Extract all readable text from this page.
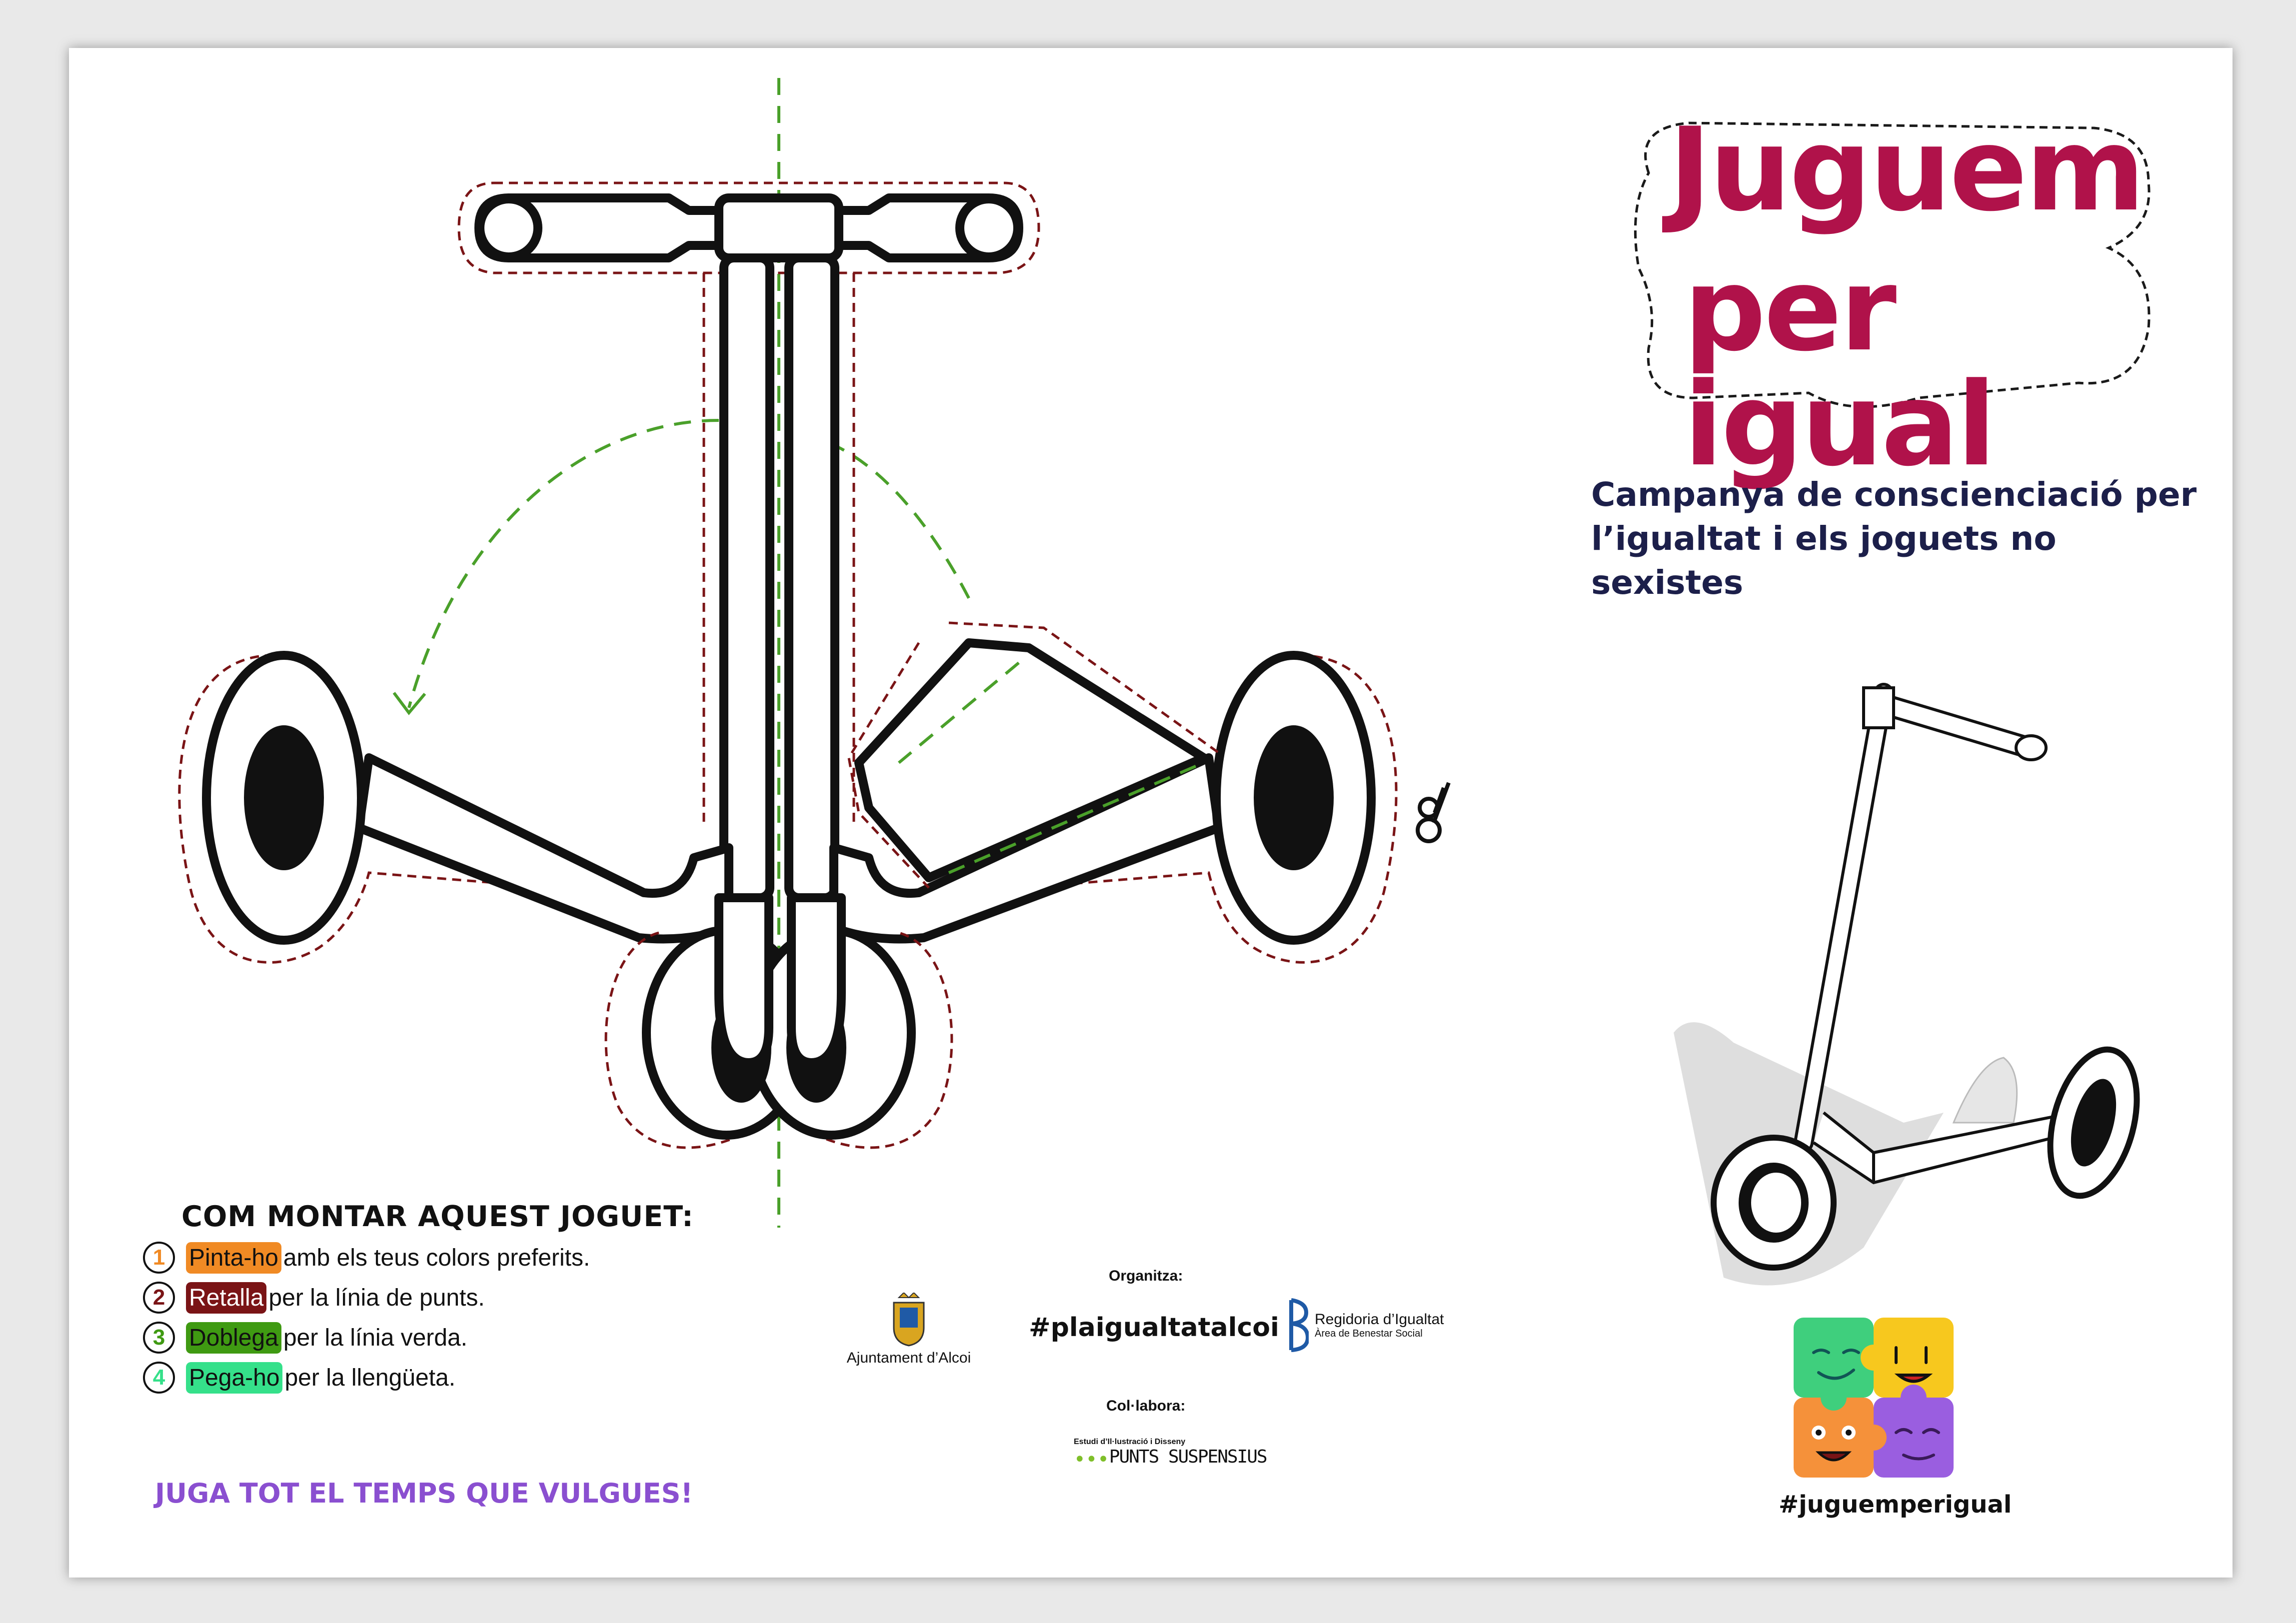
Juguem
per igual
Campanya de conscienciació per
l’igualtat i els joguets no sexistes
#juguemperigual
COM MONTAR AQUEST JOGUET:
1 Pinta-ho amb els teus colors preferits.
2 Retalla per la línia de punts.
3 Doblega per la línia verda.
4 Pega-ho per la llengüeta.
JUGA TOT EL TEMPS QUE VULGUES!
Organitza:
Ajuntament d’Alcoi
#plaigualtatalcoi Regidoria d’Igualtat
Àrea de Benestar Social
Col·labora:
Estudi d’Il·lustració i Disseny
••• PUNTS SUSPENSIUS
